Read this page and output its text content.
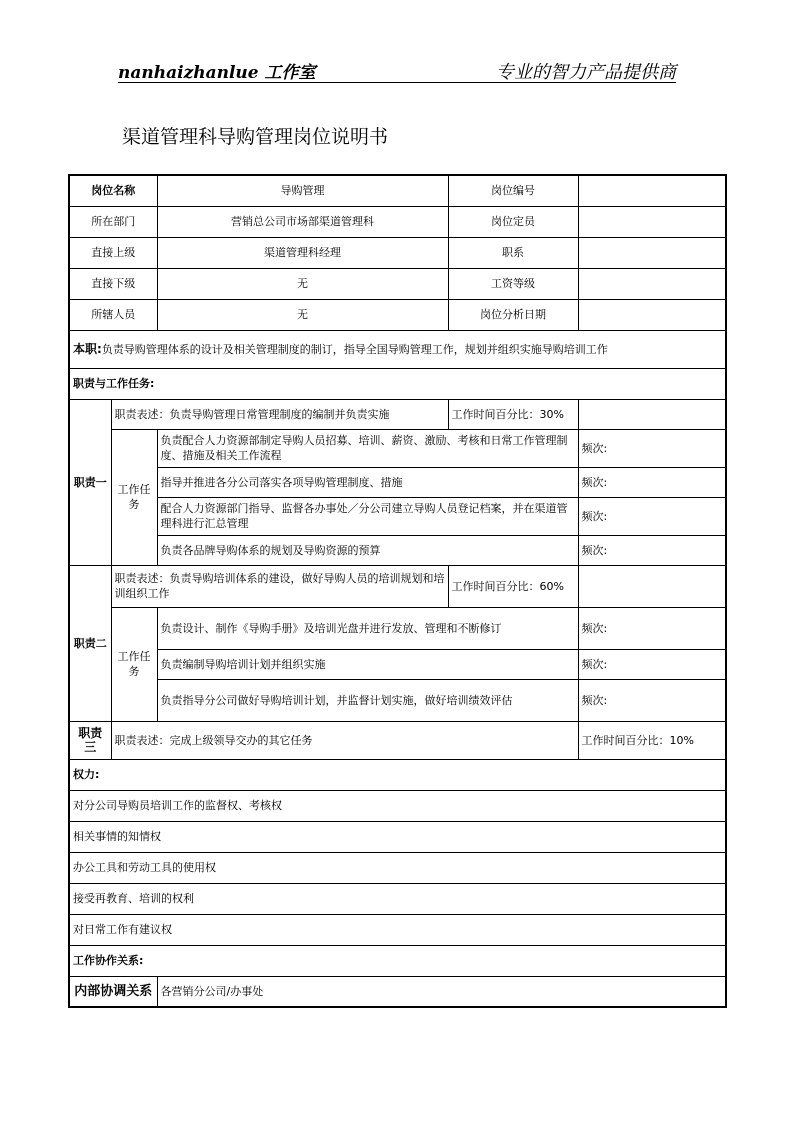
nanhaizhanlue 工作室	专业的智力产品提供商
渠道管理科导购管理岗位说明书
岗位名称		导购管理	岗位编号	
所在部门		营销总公司市场部渠道管理科	岗位定员	
直接上级		渠道管理科经理	职系	
直接下级		无	工资等级	
所辖人员		无	岗位分析日期	
本职:负责导购管理体系的设计及相关管理制度的制订，指导全国导购管理工作，规划并组织实施导购培训工作				
职责与工作任务:				
职责一	职责表述：负责导购管理日常管理制度的编制并负责实施		工作时间百分比：30%	
	工作任务	负责配合人力资源部制定导购人员招募、培训、薪资、激励、考核和日常工作管理制度、措施及相关工作流程		频次:
		指导并推进各分公司落实各项导购管理制度、措施		频次:
		配合人力资源部门指导、监督各办事处／分公司建立导购人员登记档案，并在渠道管理科进行汇总管理		频次:
		负责各品牌导购体系的规划及导购资源的预算		频次:
职责二	职责表述：负责导购培训体系的建设，做好导购人员的培训规划和培训组织工作		工作时间百分比：60%	
	工作任务	负责设计、制作《导购手册》及培训光盘并进行发放、管理和不断修订		频次:
		负责编制导购培训计划并组织实施		频次:
		负责指导分公司做好导购培训计划，并监督计划实施，做好培训绩效评估		频次:
职责三	职责表述：完成上级领导交办的其它任务			工作时间百分比：10%
权力:				
对分公司导购员培训工作的监督权、考核权				
相关事情的知情权				
办公工具和劳动工具的使用权				
接受再教育、培训的权利				
对日常工作有建议权				
工作协作关系:				
内部协调关系		各营销分公司/办事处		
